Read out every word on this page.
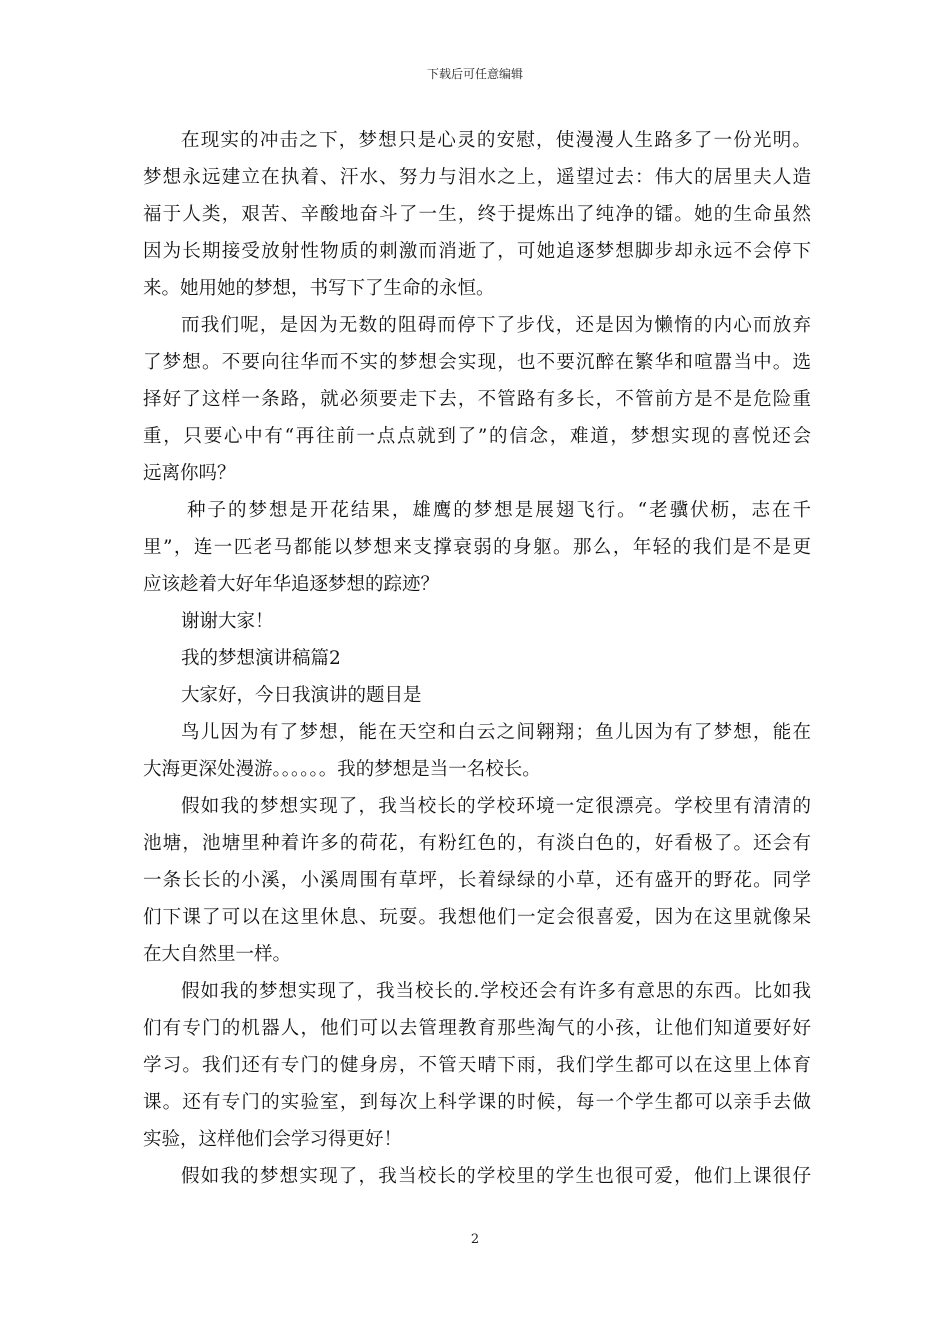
下载后可任意编辑
在现实的冲击之下，梦想只是心灵的安慰，使漫漫人生路多了一份光明。
梦想永远建立在执着、汗水、努力与泪水之上，遥望过去：伟大的居里夫人造
福于人类，艰苦、辛酸地奋斗了一生，终于提炼出了纯净的镭。她的生命虽然
因为长期接受放射性物质的刺激而消逝了，可她追逐梦想脚步却永远不会停下
来。她用她的梦想，书写下了生命的永恒。
而我们呢，是因为无数的阻碍而停下了步伐，还是因为懒惰的内心而放弃
了梦想。不要向往华而不实的梦想会实现，也不要沉醉在繁华和喧嚣当中。选
择好了这样一条路，就必须要走下去，不管路有多长，不管前方是不是危险重
重，只要心中有“再往前一点点就到了”的信念，难道，梦想实现的喜悦还会
远离你吗？
种子的梦想是开花结果，雄鹰的梦想是展翅飞行。“老骥伏枥，志在千
里”，连一匹老马都能以梦想来支撑衰弱的身躯。那么，年轻的我们是不是更
应该趁着大好年华追逐梦想的踪迹？
谢谢大家！
我的梦想演讲稿篇2
大家好，今日我演讲的题目是
鸟儿因为有了梦想，能在天空和白云之间翱翔；鱼儿因为有了梦想，能在
大海更深处漫游。。。。。。我的梦想是当一名校长。
假如我的梦想实现了，我当校长的学校环境一定很漂亮。学校里有清清的
池塘，池塘里种着许多的荷花，有粉红色的，有淡白色的，好看极了。还会有
一条长长的小溪，小溪周围有草坪，长着绿绿的小草，还有盛开的野花。同学
们下课了可以在这里休息、玩耍。我想他们一定会很喜爱，因为在这里就像呆
在大自然里一样。
假如我的梦想实现了，我当校长的.学校还会有许多有意思的东西。比如我
们有专门的机器人，他们可以去管理教育那些淘气的小孩，让他们知道要好好
学习。我们还有专门的健身房，不管天晴下雨，我们学生都可以在这里上体育
课。还有专门的实验室，到每次上科学课的时候，每一个学生都可以亲手去做
实验，这样他们会学习得更好！
假如我的梦想实现了，我当校长的学校里的学生也很可爱，他们上课很仔
2
